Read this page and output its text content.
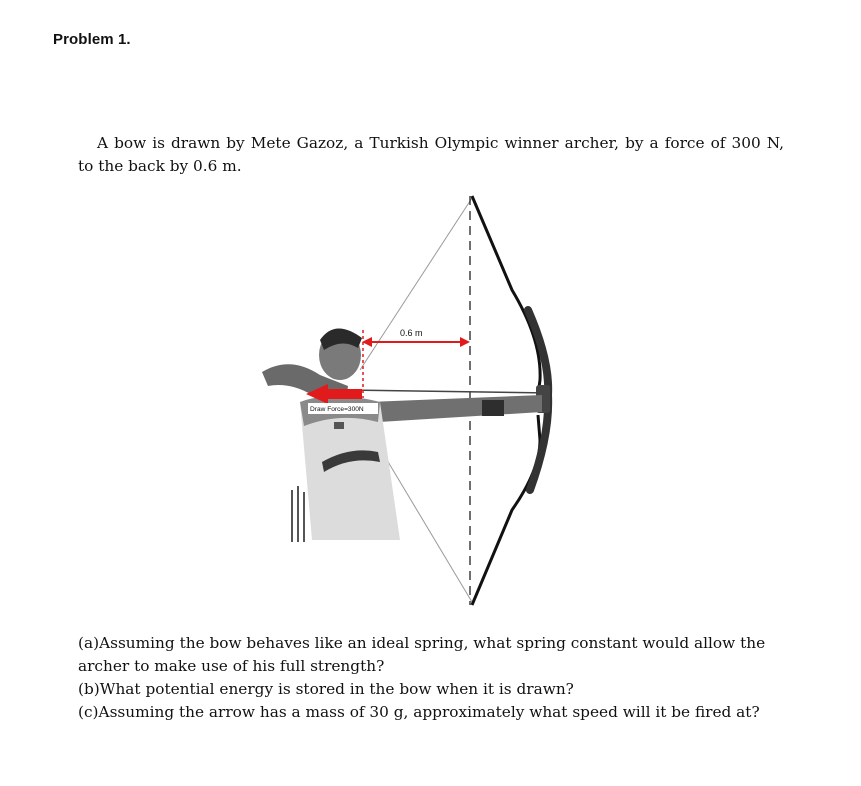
Problem 1.

A bow is drawn by Mete Gazoz, a Turkish Olympic winner archer, by a force of 300 N, to the back by 0.6 m.

0.6 m
Draw Force=300N
(a)Assuming the bow behaves like an ideal spring, what spring constant would allow the archer to make use of his full strength?
(b)What potential energy is stored in the bow when it is drawn?
(c)Assuming the arrow has a mass of 30 g, approximately what speed will it be fired at?
